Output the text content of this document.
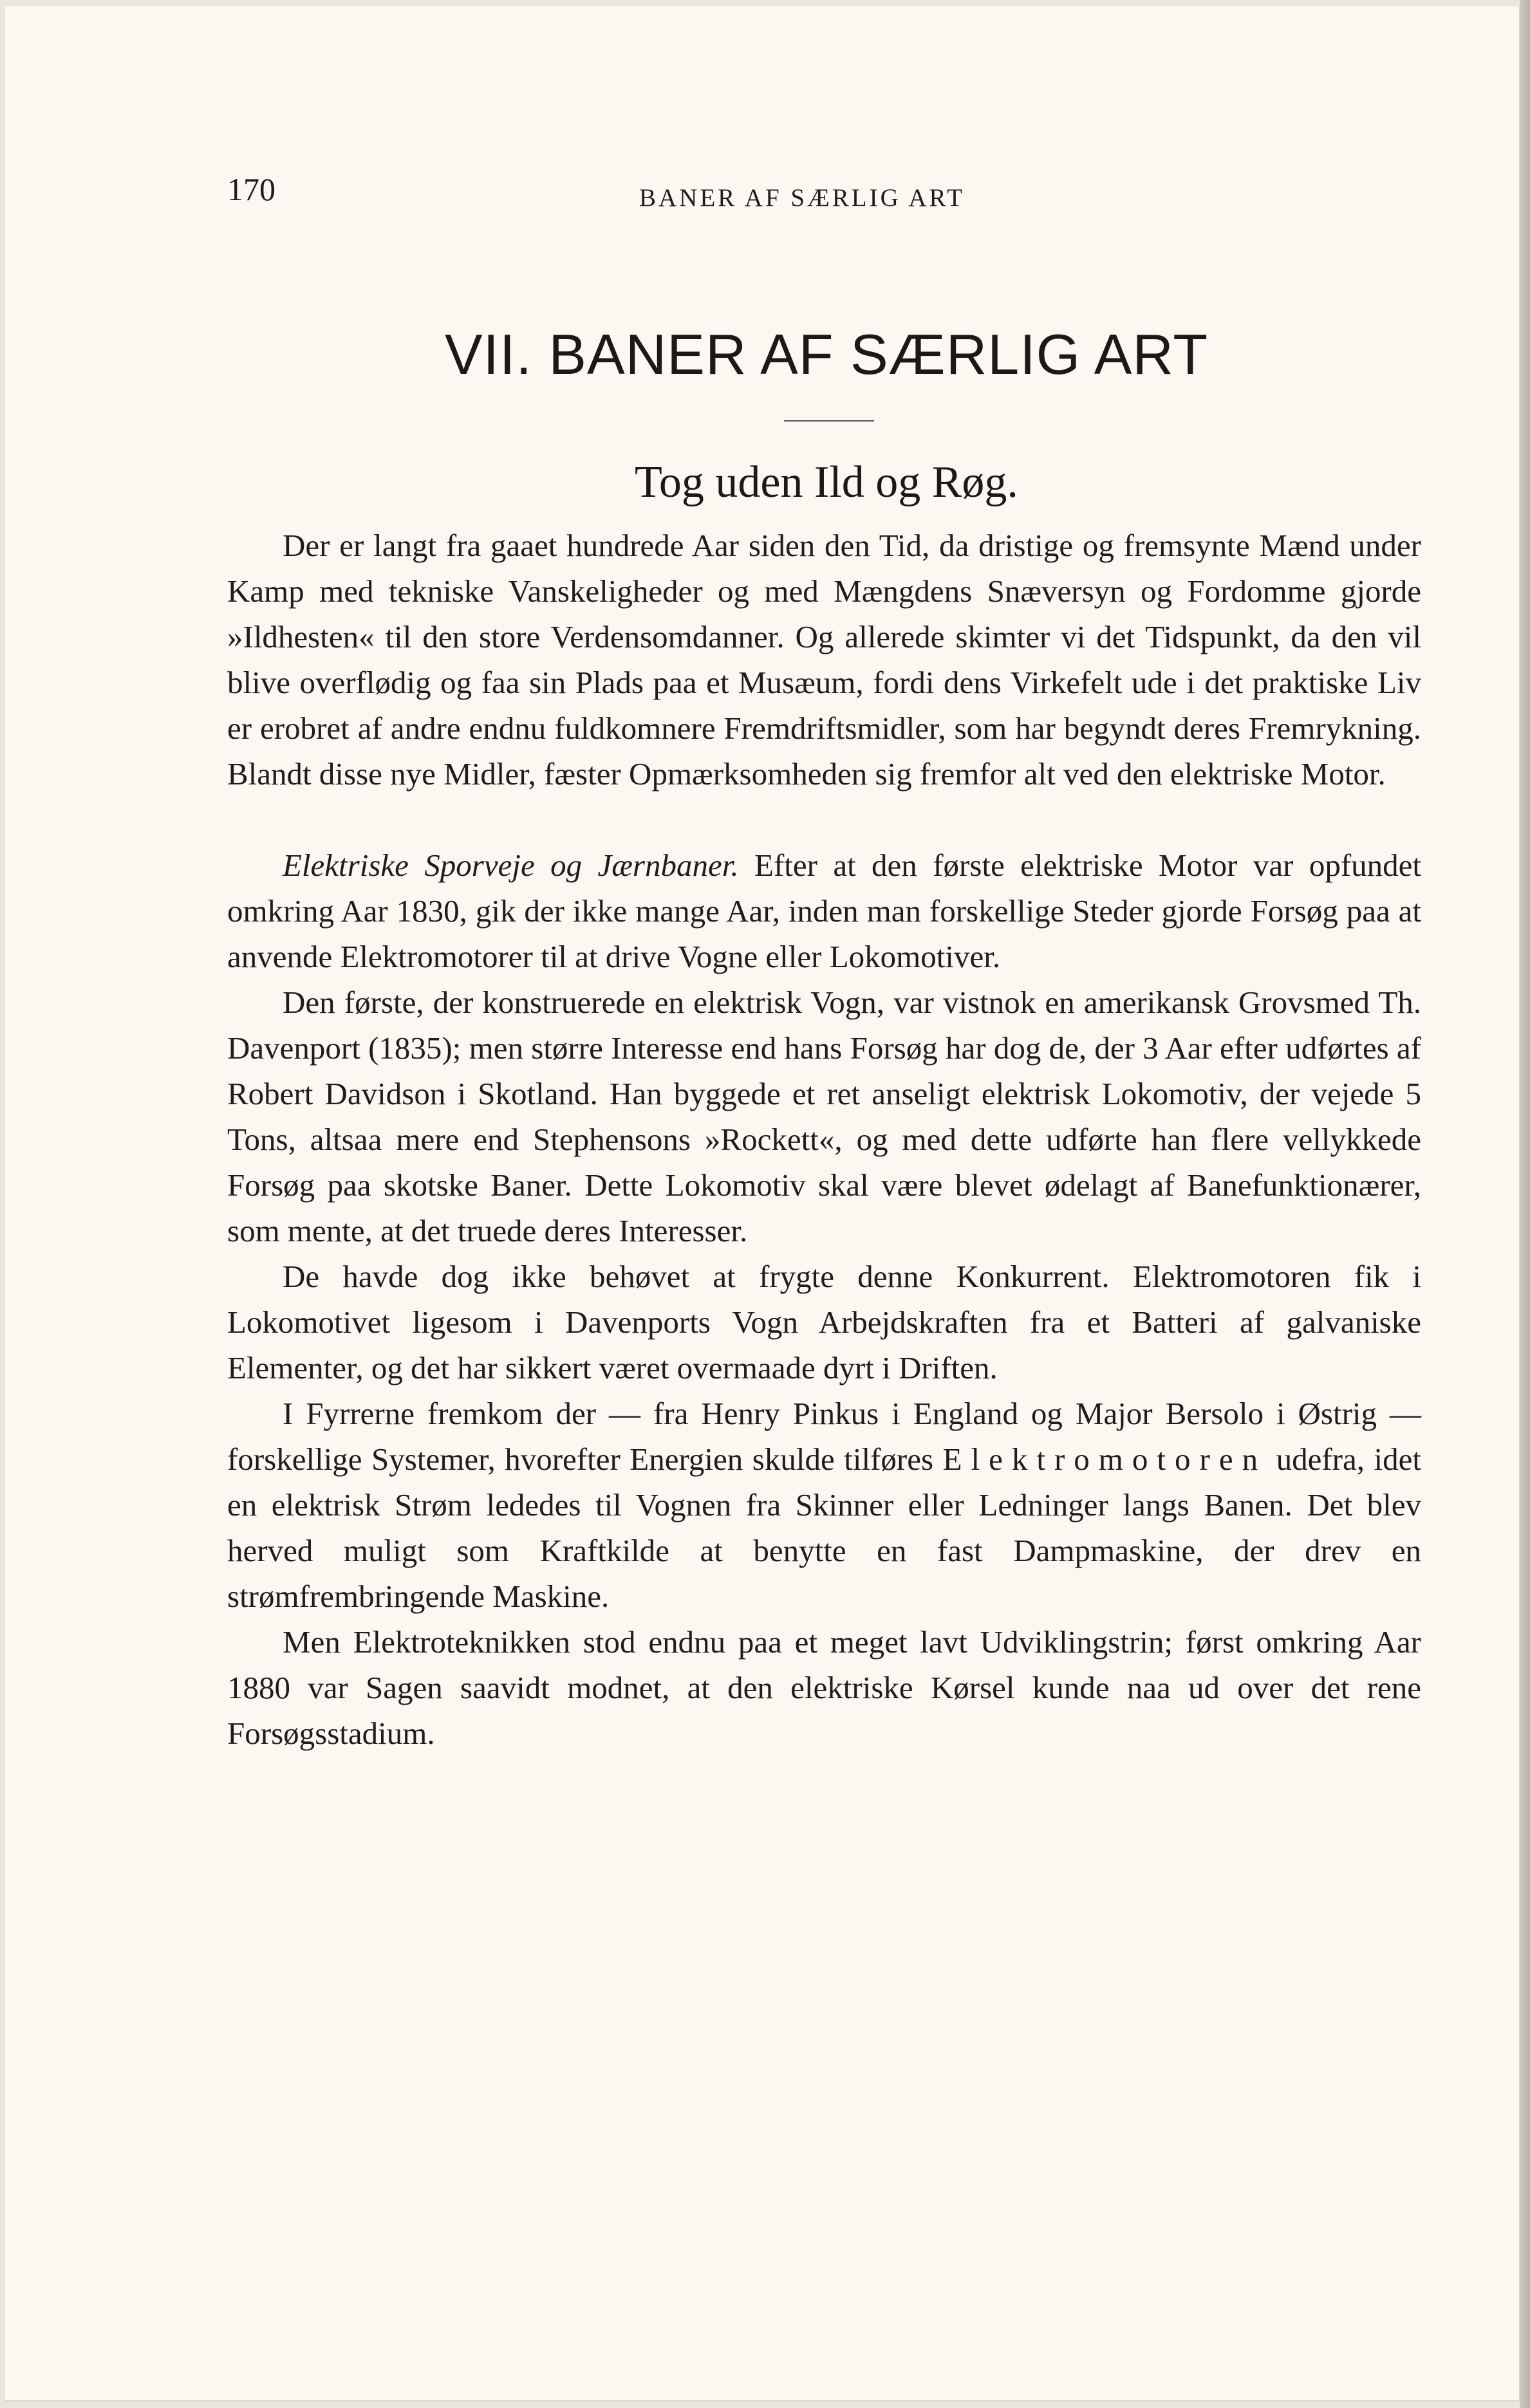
170	BANER AF SÆRLIG ART
VII. BANER AF SÆRLIG ART
Tog uden Ild og Røg.

Der er langt fra gaaet hundrede Aar siden den Tid, da dristige og fremsynte Mænd under Kamp med tekniske Vanskeligheder og med Mængdens Snæversyn og Fordomme gjorde »Ildhesten« til den store Verdensomdanner. Og allerede skimter vi det Tidspunkt, da den vil blive overflødig og faa sin Plads paa et Musæum, fordi dens Virkefelt ude i det praktiske Liv er erobret af andre endnu fuldkomnere Fremdriftsmidler, som har begyndt deres Fremrykning. Blandt disse nye Midler, fæster Opmærksomheden sig fremfor alt ved den elektriske Motor.

Elektriske Sporveje og Jærnbaner. Efter at den første elektriske Motor var opfundet omkring Aar 1830, gik der ikke mange Aar, inden man forskellige Steder gjorde Forsøg paa at anvende Elektromotorer til at drive Vogne eller Lokomotiver.

Den første, der konstruerede en elektrisk Vogn, var vistnok en amerikansk Grovsmed Th. Davenport (1835); men større Interesse end hans Forsøg har dog de, der 3 Aar efter udførtes af Robert Davidson i Skotland. Han byggede et ret anseligt elektrisk Lokomotiv, der vejede 5 Tons, altsaa mere end Stephensons »Rockett«, og med dette udførte han flere vellykkede Forsøg paa skotske Baner. Dette Lokomotiv skal være blevet ødelagt af Banefunktionærer, som mente, at det truede deres Interesser.

De havde dog ikke behøvet at frygte denne Konkurrent. Elektromotoren fik i Lokomotivet ligesom i Davenports Vogn Arbejdskraften fra et Batteri af galvaniske Elementer, og det har sikkert været overmaade dyrt i Driften.

I Fyrrerne fremkom der — fra Henry Pinkus i England og Major Bersolo i Østrig — forskellige Systemer, hvorefter Energien skulde tilføres Elektromotoren udefra, idet en elektrisk Strøm lededes til Vognen fra Skinner eller Ledninger langs Banen. Det blev herved muligt som Kraftkilde at benytte en fast Dampmaskine, der drev en strømfrembringende Maskine.

Men Elektroteknikken stod endnu paa et meget lavt Udviklingstrin; først omkring Aar 1880 var Sagen saavidt modnet, at den elektriske Kørsel kunde naa ud over det rene Forsøgsstadium.
